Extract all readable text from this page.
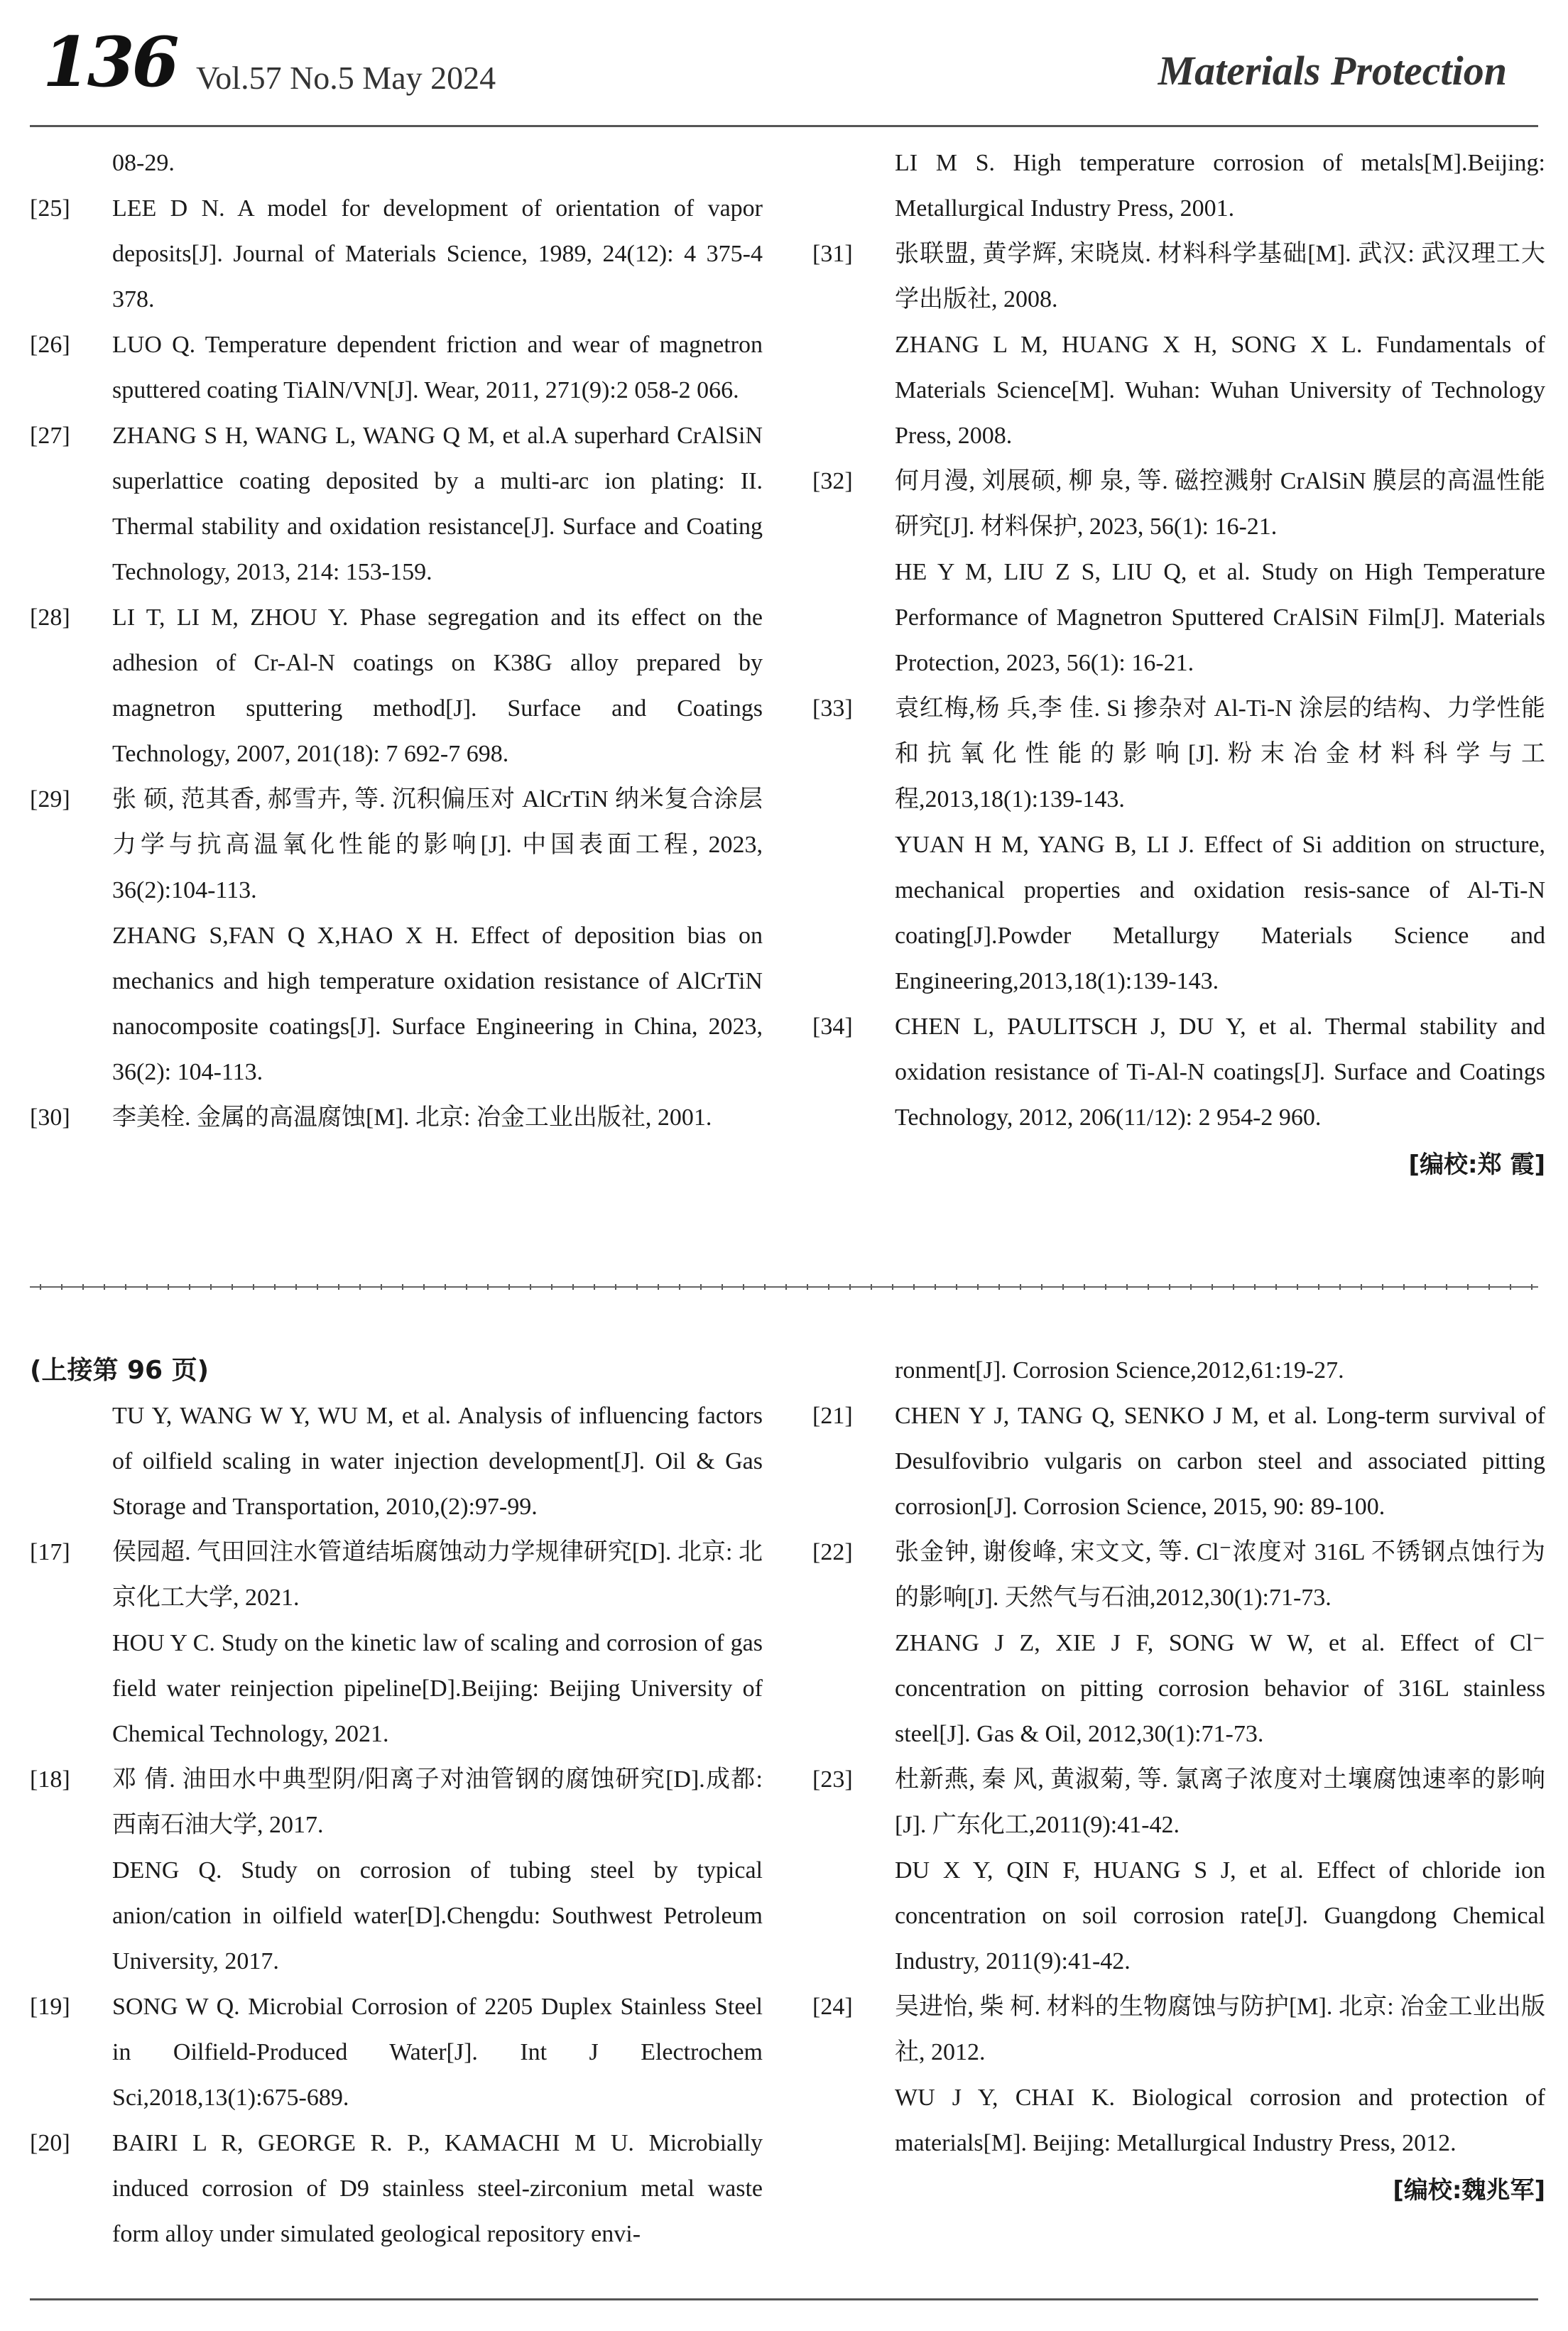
136 Vol.57 No.5 May 2024	Materials Protection
08-29.
[25]	LEE D N. A model for development of orientation of vapor deposits[J]. Journal of Materials Science, 1989, 24(12): 4 375-4 378.
[26]	LUO Q. Temperature dependent friction and wear of magnetron sputtered coating TiAlN/VN[J]. Wear, 2011, 271(9):2 058-2 066.
[27]	ZHANG S H, WANG L, WANG Q M, et al.A superhard CrAlSiN superlattice coating deposited by a multi-arc ion plating: II. Thermal stability and oxidation resistance[J]. Surface and Coating Technology, 2013, 214: 153-159.
[28]	LI T, LI M, ZHOU Y. Phase segregation and its effect on the adhesion of Cr-Al-N coatings on K38G alloy prepared by magnetron sputtering method[J]. Surface and Coatings Technology, 2007, 201(18): 7 692-7 698.
[29]	张 硕, 范其香, 郝雪卉, 等. 沉积偏压对 AlCrTiN 纳米复合涂层力学与抗高温氧化性能的影响[J]. 中国表面工程, 2023, 36(2):104-113.
ZHANG S,FAN Q X,HAO X H. Effect of deposition bias on mechanics and high temperature oxidation resistance of AlCrTiN nanocomposite coatings[J]. Surface Engineering in China, 2023, 36(2): 104-113.
[30]	李美栓. 金属的高温腐蚀[M]. 北京: 冶金工业出版社, 2001.
LI M S. High temperature corrosion of metals[M].Beijing: Metallurgical Industry Press, 2001.
[31]	张联盟, 黄学辉, 宋晓岚. 材料科学基础[M]. 武汉: 武汉理工大学出版社, 2008.
ZHANG L M, HUANG X H, SONG X L. Fundamentals of Materials Science[M]. Wuhan: Wuhan University of Technology Press, 2008.
[32]	何月漫, 刘展硕, 柳 泉, 等. 磁控溅射 CrAlSiN 膜层的高温性能研究[J]. 材料保护, 2023, 56(1): 16-21.
HE Y M, LIU Z S, LIU Q, et al. Study on High Temperature Performance of Magnetron Sputtered CrAlSiN Film[J]. Materials Protection, 2023, 56(1): 16-21.
[33]	袁红梅,杨 兵,李 佳. Si 掺杂对 Al-Ti-N 涂层的结构、力学性能和抗氧化性能的影响[J].粉末冶金材料科学与工程,2013,18(1):139-143.
YUAN H M, YANG B, LI J. Effect of Si addition on structure, mechanical properties and oxidation resis-sance of Al-Ti-N coating[J].Powder Metallurgy Materials Science and Engineering,2013,18(1):139-143.
[34]	CHEN L, PAULITSCH J, DU Y, et al. Thermal stability and oxidation resistance of Ti-Al-N coatings[J]. Surface and Coatings Technology, 2012, 206(11/12): 2 954-2 960.
[编校:郑 霞]
(上接第 96 页)
TU Y, WANG W Y, WU M, et al. Analysis of influencing factors of oilfield scaling in water injection development[J]. Oil & Gas Storage and Transportation, 2010,(2):97-99.
[17]	侯园超. 气田回注水管道结垢腐蚀动力学规律研究[D]. 北京: 北京化工大学, 2021.
HOU Y C. Study on the kinetic law of scaling and corrosion of gas field water reinjection pipeline[D].Beijing: Beijing University of Chemical Technology, 2021.
[18]	邓 倩. 油田水中典型阴/阳离子对油管钢的腐蚀研究[D].成都: 西南石油大学, 2017.
DENG Q. Study on corrosion of tubing steel by typical anion/cation in oilfield water[D].Chengdu: Southwest Petroleum University, 2017.
[19]	SONG W Q. Microbial Corrosion of 2205 Duplex Stainless Steel in Oilfield-Produced Water[J]. Int J Electrochem Sci,2018,13(1):675-689.
[20]	BAIRI L R, GEORGE R. P., KAMACHI M U. Microbially induced corrosion of D9 stainless steel-zirconium metal waste form alloy under simulated geological repository envi-
ronment[J]. Corrosion Science,2012,61:19-27.
[21]	CHEN Y J, TANG Q, SENKO J M, et al. Long-term survival of Desulfovibrio vulgaris on carbon steel and associated pitting corrosion[J]. Corrosion Science, 2015, 90: 89-100.
[22]	张金钟, 谢俊峰, 宋文文, 等. Cl⁻浓度对 316L 不锈钢点蚀行为的影响[J]. 天然气与石油,2012,30(1):71-73.
ZHANG J Z, XIE J F, SONG W W, et al. Effect of Cl⁻ concentration on pitting corrosion behavior of 316L stainless steel[J]. Gas & Oil, 2012,30(1):71-73.
[23]	杜新燕, 秦 风, 黄淑菊, 等. 氯离子浓度对土壤腐蚀速率的影响[J]. 广东化工,2011(9):41-42.
DU X Y, QIN F, HUANG S J, et al. Effect of chloride ion concentration on soil corrosion rate[J]. Guangdong Chemical Industry, 2011(9):41-42.
[24]	吴进怡, 柴 柯. 材料的生物腐蚀与防护[M]. 北京: 冶金工业出版社, 2012.
WU J Y, CHAI K. Biological corrosion and protection of materials[M]. Beijing: Metallurgical Industry Press, 2012.
[编校:魏兆军]
